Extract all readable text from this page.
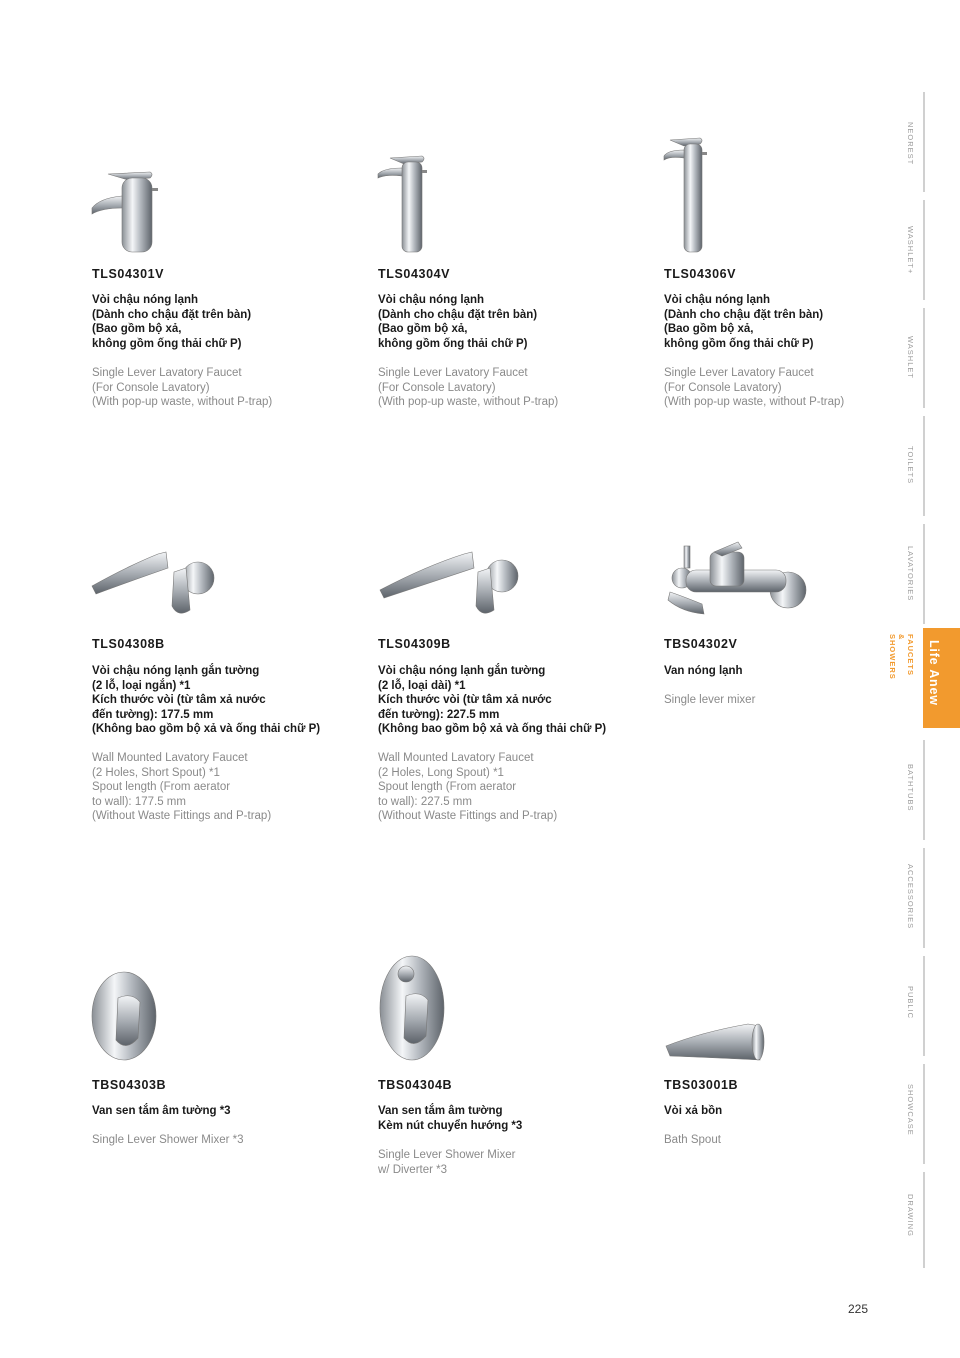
TLS04301V

Vòi chậu nóng lạnh
(Dành cho chậu đặt trên bàn)
(Bao gồm bộ xả,
không gồm ống thải chữ P)

Single Lever Lavatory Faucet
(For Console Lavatory)
(With pop-up waste, without P-trap)

TLS04304V

Vòi chậu nóng lạnh
(Dành cho chậu đặt trên bàn)
(Bao gồm bộ xả,
không gồm ống thải chữ P)

Single Lever Lavatory Faucet
(For Console Lavatory)
(With pop-up waste, without P-trap)

TLS04306V

Vòi chậu nóng lạnh
(Dành cho chậu đặt trên bàn)
(Bao gồm bộ xả,
không gồm ống thải chữ P)

Single Lever Lavatory Faucet
(For Console Lavatory)
(With pop-up waste, without P-trap)

TLS04308B

Vòi chậu nóng lạnh gắn tường
(2 lỗ, loại ngắn) *1
Kích thước vòi (từ tâm xả nước
đến tường): 177.5 mm
(Không bao gồm bộ xả và ống thải chữ P)

Wall Mounted Lavatory Faucet
(2 Holes, Short Spout) *1
Spout length (From aerator
to wall): 177.5 mm
(Without Waste Fittings and P-trap)

TLS04309B

Vòi chậu nóng lạnh gắn tường
(2 lỗ, loại dài) *1
Kích thước vòi (từ tâm xả nước
đến tường): 227.5 mm
(Không bao gồm bộ xả và ống thải chữ P)

Wall Mounted Lavatory Faucet
(2 Holes, Long Spout) *1
Spout length (From aerator
to wall): 227.5 mm
(Without Waste Fittings and P-trap)

TBS04302V

Van nóng lạnh

Single lever mixer

TBS04303B

Van sen tắm âm tường *3

Single Lever Shower Mixer *3

TBS04304B

Van sen tắm âm tường
Kèm nút chuyển hướng *3

Single Lever Shower Mixer
w/ Diverter *3

TBS03001B

Vòi xả bồn

Bath Spout

NEOREST
WASHLET+
WASHLET
TOILETS
LAVATORIES
FAUCETS & SHOWERS
BATHTUBS
ACCESSORIES
PUBLIC
SHOWCASE
DRAWING
Life Anew
225
